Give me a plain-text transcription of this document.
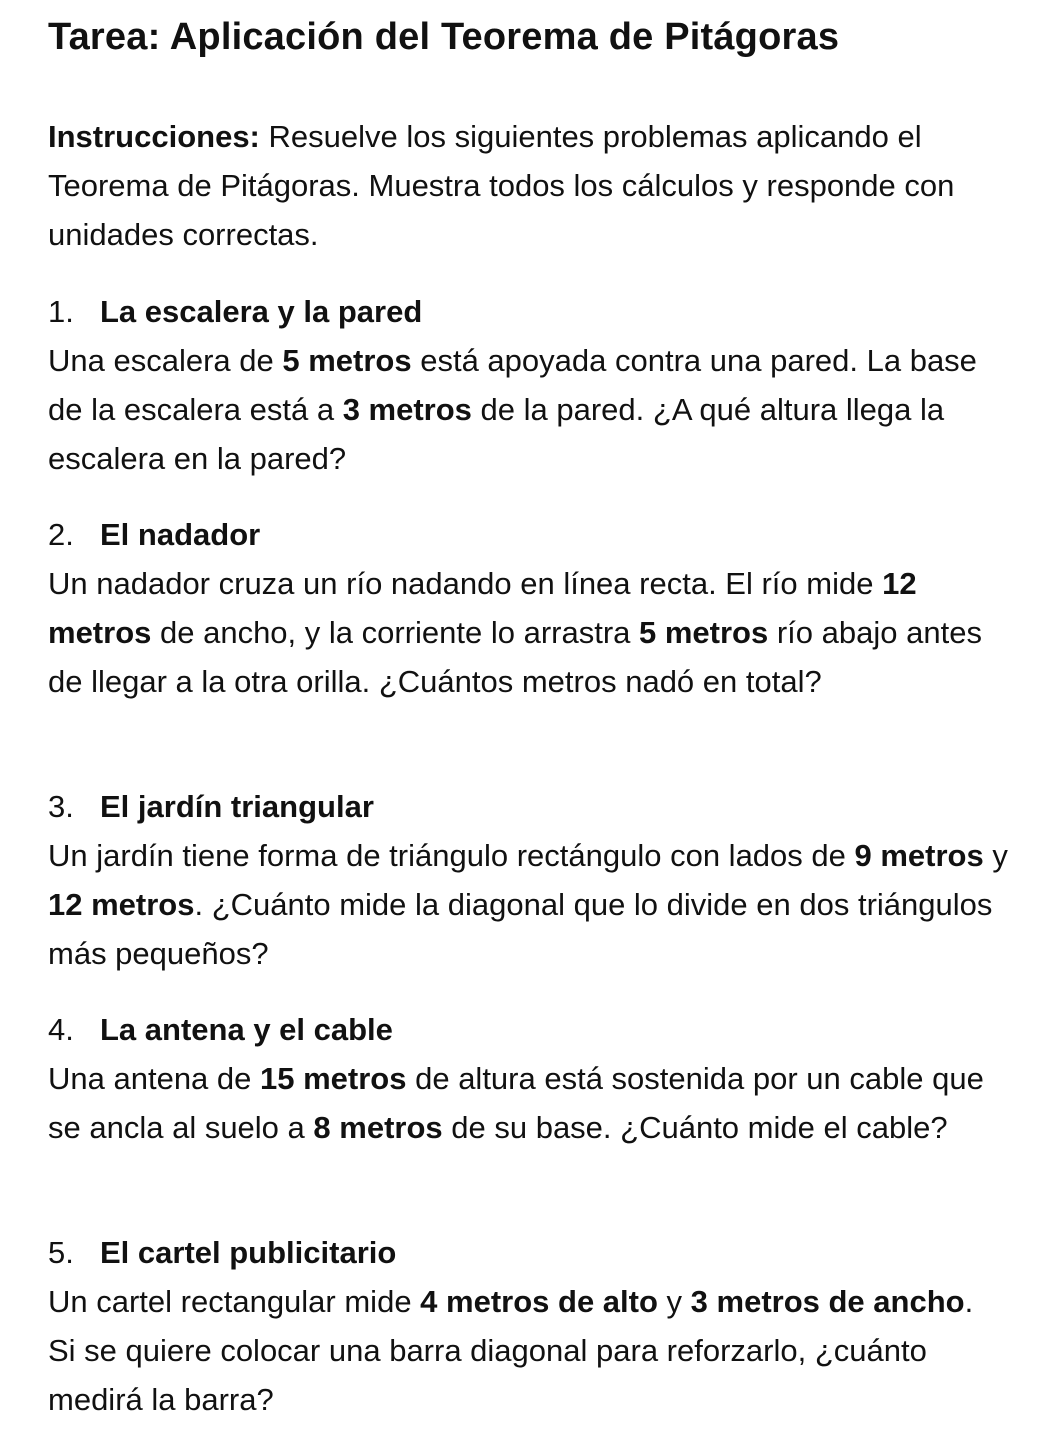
Tarea: Aplicación del Teorema de Pitágoras

Instrucciones: Resuelve los siguientes problemas aplicando el Teorema de Pitágoras. Muestra todos los cálculos y responde con unidades correctas.

1. La escalera y la pared

Una escalera de 5 metros está apoyada contra una pared. La base de la escalera está a 3 metros de la pared. ¿A qué altura llega la escalera en la pared?

2. El nadador

Un nadador cruza un río nadando en línea recta. El río mide 12 metros de ancho, y la corriente lo arrastra 5 metros río abajo antes de llegar a la otra orilla. ¿Cuántos metros nadó en total?

3. El jardín triangular

Un jardín tiene forma de triángulo rectángulo con lados de 9 metros y 12 metros. ¿Cuánto mide la diagonal que lo divide en dos triángulos más pequeños?

4. La antena y el cable

Una antena de 15 metros de altura está sostenida por un cable que se ancla al suelo a 8 metros de su base. ¿Cuánto mide el cable?

5. El cartel publicitario

Un cartel rectangular mide 4 metros de alto y 3 metros de ancho. Si se quiere colocar una barra diagonal para reforzarlo, ¿cuánto medirá la barra?
